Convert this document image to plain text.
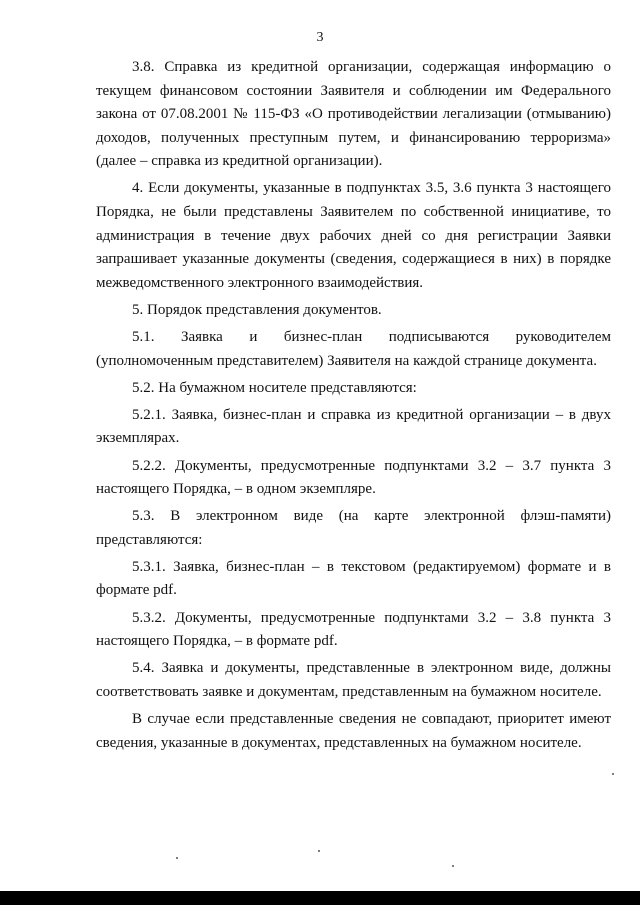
3

3.8. Справка из кредитной организации, содержащая информацию о текущем финансовом состоянии Заявителя и соблюдении им Федерального закона от 07.08.2001 № 115-ФЗ «О противодействии легализации (отмыванию) доходов, полученных преступным путем, и финансированию терроризма» (далее – справка из кредитной организации).

4. Если документы, указанные в подпунктах 3.5, 3.6 пункта 3 настоящего Порядка, не были представлены Заявителем по собственной инициативе, то администрация в течение двух рабочих дней со дня регистрации Заявки запрашивает указанные документы (сведения, содержащиеся в них) в порядке межведомственного электронного взаимодействия.

5. Порядок представления документов.

5.1. Заявка и бизнес-план подписываются руководителем (уполномоченным представителем) Заявителя на каждой странице документа.

5.2. На бумажном носителе представляются:

5.2.1. Заявка, бизнес-план и справка из кредитной организации – в двух экземплярах.

5.2.2. Документы, предусмотренные подпунктами 3.2 – 3.7 пункта 3 настоящего Порядка, – в одном экземпляре.

5.3. В электронном виде (на карте электронной флэш-памяти) представляются:

5.3.1. Заявка, бизнес-план – в текстовом (редактируемом) формате и в формате pdf.

5.3.2. Документы, предусмотренные подпунктами 3.2 – 3.8 пункта 3 настоящего Порядка, – в формате pdf.

5.4. Заявка и документы, представленные в электронном виде, должны соответствовать заявке и документам, представленным на бумажном носителе.

В случае если представленные сведения не совпадают, приоритет имеют сведения, указанные в документах, представленных на бумажном носителе.
